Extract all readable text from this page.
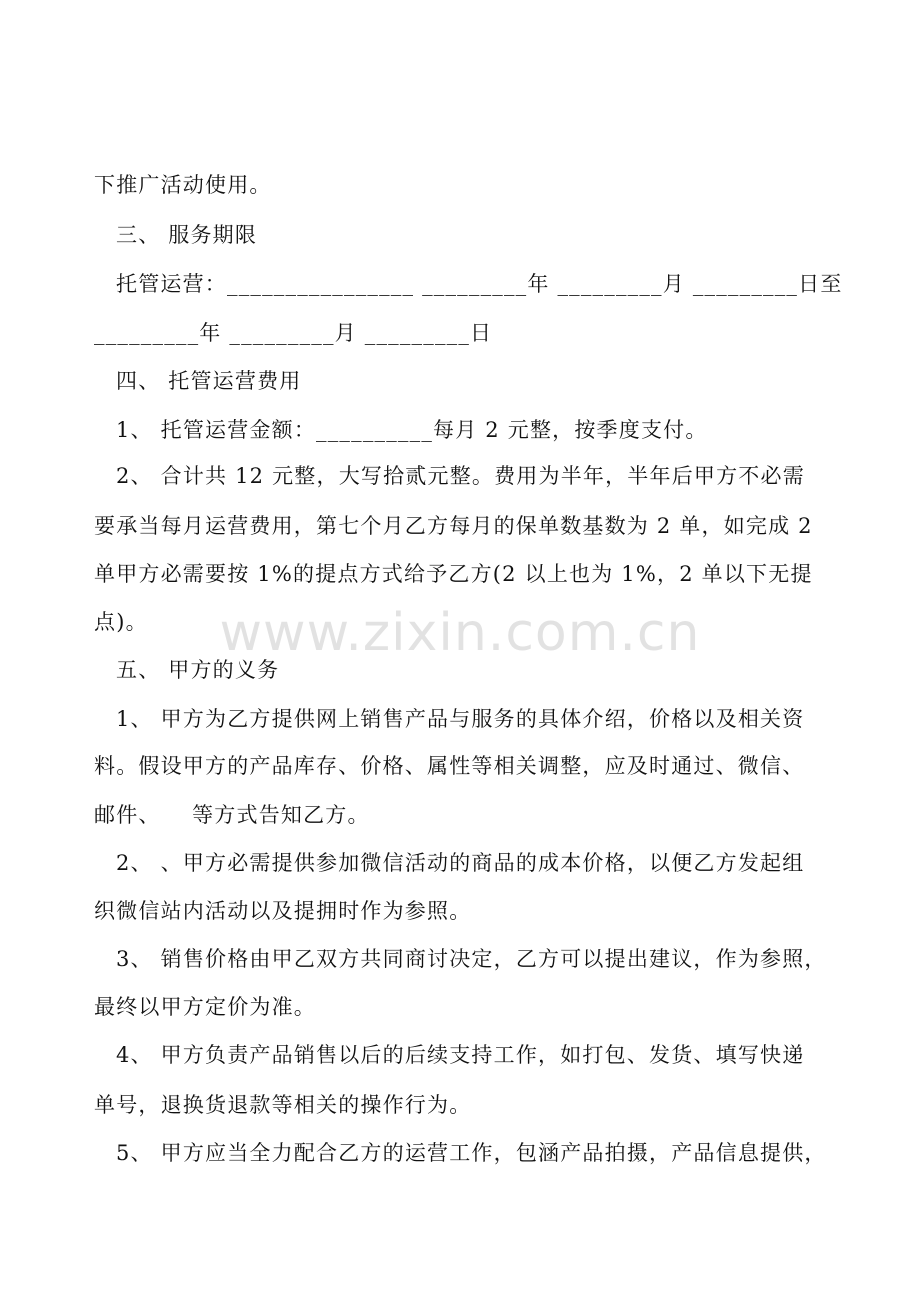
www.zixin.com.cn
下推广活动使用。
三、 服务期限
托管运营：________________ _________年 _________月 _________日至
_________年 _________月 _________日
四、 托管运营费用
1、 托管运营金额：__________每月 2 元整，按季度支付。
2、 合计共 12 元整，大写拾贰元整。费用为半年，半年后甲方不必需
要承当每月运营费用，第七个月乙方每月的保单数基数为 2 单，如完成 2
单甲方必需要按 1%的提点方式给予乙方(2 以上也为 1%，2 单以下无提
点)。
五、 甲方的义务
1、 甲方为乙方提供网上销售产品与服务的具体介绍，价格以及相关资
料。假设甲方的产品库存、价格、属性等相关调整，应及时通过、微信、
邮件、    等方式告知乙方。
2、 、甲方必需提供参加微信活动的商品的成本价格，以便乙方发起组
织微信站内活动以及提拥时作为参照。
3、 销售价格由甲乙双方共同商讨决定，乙方可以提出建议，作为参照，
最终以甲方定价为准。
4、 甲方负责产品销售以后的后续支持工作，如打包、发货、填写快递
单号，退换货退款等相关的操作行为。
5、 甲方应当全力配合乙方的运营工作，包涵产品拍摄，产品信息提供，
